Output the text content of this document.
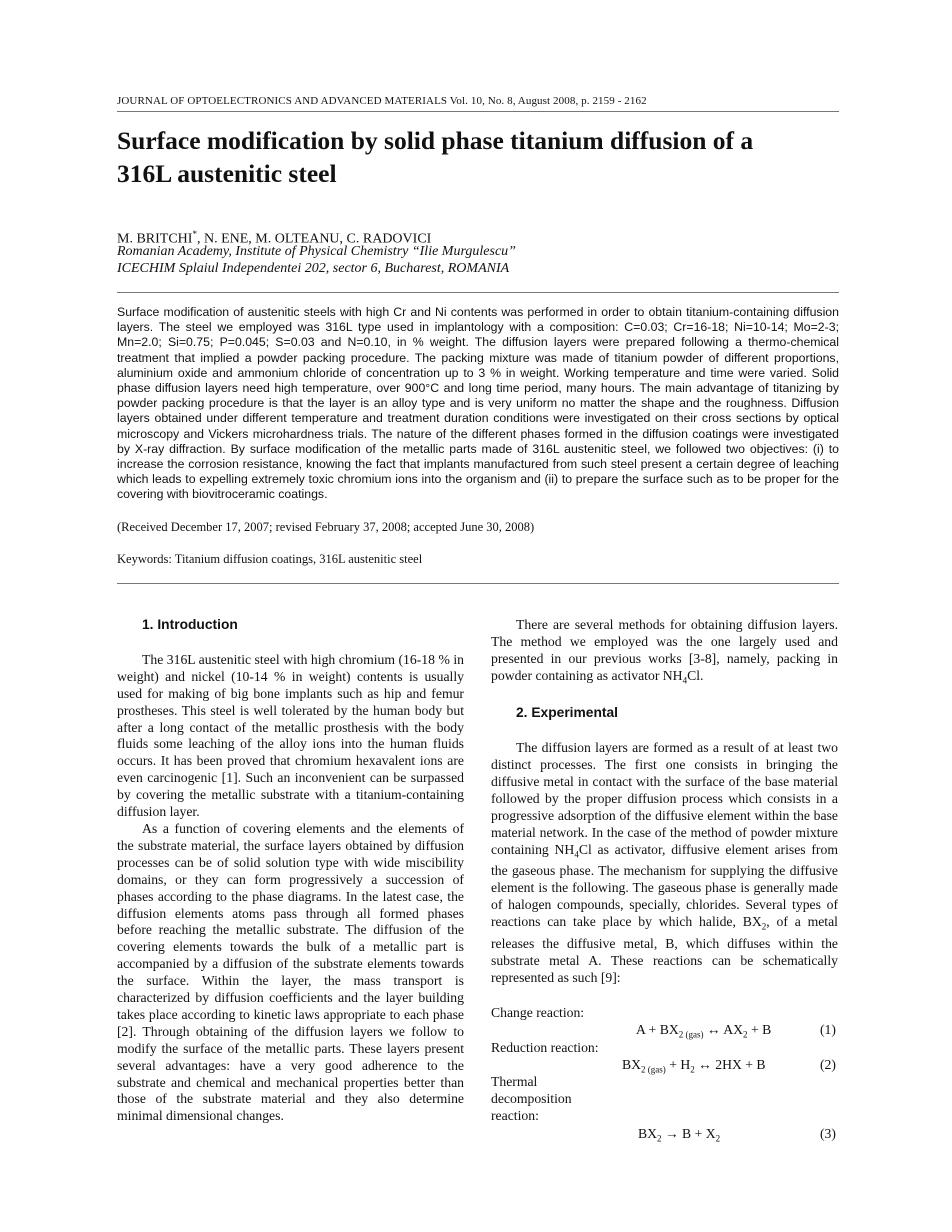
JOURNAL OF OPTOELECTRONICS AND ADVANCED MATERIALS Vol. 10, No. 8, August 2008, p. 2159 - 2162
Surface modification by solid phase titanium diffusion of a
316L austenitic steel
M. BRITCHI*, N. ENE, M. OLTEANU, C. RADOVICI
Romanian Academy, Institute of Physical Chemistry “Ilie Murgulescu”
ICECHIM Splaiul Independentei 202, sector 6, Bucharest, ROMANIA

Surface modification of austenitic steels with high Cr and Ni contents was performed in order to obtain titanium-containing diffusion layers. The steel we employed was 316L type used in implantology with a composition: C=0.03; Cr=16-18; Ni=10-14; Mo=2-3; Mn=2.0; Si=0.75; P=0.045; S=0.03 and N=0.10, in % weight. The diffusion layers were prepared following a thermo-chemical treatment that implied a powder packing procedure. The packing mixture was made of titanium powder of different proportions, aluminium oxide and ammonium chloride of concentration up to 3 % in weight. Working temperature and time were varied. Solid phase diffusion layers need high temperature, over 900°C and long time period, many hours. The main advantage of titanizing by powder packing procedure is that the layer is an alloy type and is very uniform no matter the shape and the roughness. Diffusion layers obtained under different temperature and treatment duration conditions were investigated on their cross sections by optical microscopy and Vickers microhardness trials. The nature of the different phases formed in the diffusion coatings were investigated by X-ray diffraction. By surface modification of the metallic parts made of 316L austenitic steel, we followed two objectives: (i) to increase the corrosion resistance, knowing the fact that implants manufactured from such steel present a certain degree of leaching which leads to expelling extremely toxic chromium ions into the organism and (ii) to prepare the surface such as to be proper for the covering with biovitroceramic coatings.

(Received December 17, 2007; revised February 37, 2008; accepted June 30, 2008)
Keywords: Titanium diffusion coatings, 316L austenitic steel
1. Introduction

The 316L austenitic steel with high chromium (16-18 % in weight) and nickel (10-14 % in weight) contents is usually used for making of big bone implants such as hip and femur prostheses. This steel is well tolerated by the human body but after a long contact of the metallic prosthesis with the body fluids some leaching of the alloy ions into the human fluids occurs. It has been proved that chromium hexavalent ions are even carcinogenic [1]. Such an inconvenient can be surpassed by covering the metallic substrate with a titanium-containing diffusion layer.

As a function of covering elements and the elements of the substrate material, the surface layers obtained by diffusion processes can be of solid solution type with wide miscibility domains, or they can form progressively a succession of phases according to the phase diagrams. In the latest case, the diffusion elements atoms pass through all formed phases before reaching the metallic substrate. The diffusion of the covering elements towards the bulk of a metallic part is accompanied by a diffusion of the substrate elements towards the surface. Within the layer, the mass transport is characterized by diffusion coefficients and the layer building takes place according to kinetic laws appropriate to each phase [2]. Through obtaining of the diffusion layers we follow to modify the surface of the metallic parts. These layers present several advantages: have a very good adherence to the substrate and chemical and mechanical properties better than those of the substrate material and they also determine minimal dimensional changes.

There are several methods for obtaining diffusion layers. The method we employed was the one largely used and presented in our previous works [3-8], namely, packing in powder containing as activator $NH_4Cl$.

2. Experimental

The diffusion layers are formed as a result of at least two distinct processes. The first one consists in bringing the diffusive metal in contact with the surface of the base material followed by the proper diffusion process which consists in a progressive adsorption of the diffusive element within the base material network. In the case of the method of powder mixture containing $NH_4Cl$ as activator, diffusive element arises from the gaseous phase. The mechanism for supplying the diffusive element is the following. The gaseous phase is generally made of halogen compounds, specially, chlorides. Several types of reactions can take place by which halide, $BX_2$, of a metal releases the diffusive metal, B, which diffuses within the substrate metal A. These reactions can be schematically represented as such [9]:

Change reaction:
$A + BX_{2 (gas)}$ ↔ $AX_2 + B$	(1)
Reduction reaction:
$BX_{2 (gas)} + H_2$ ↔ 2HX + B	(2)
Thermal decomposition reaction:
$BX_2 \to B + X_2$	(3)
